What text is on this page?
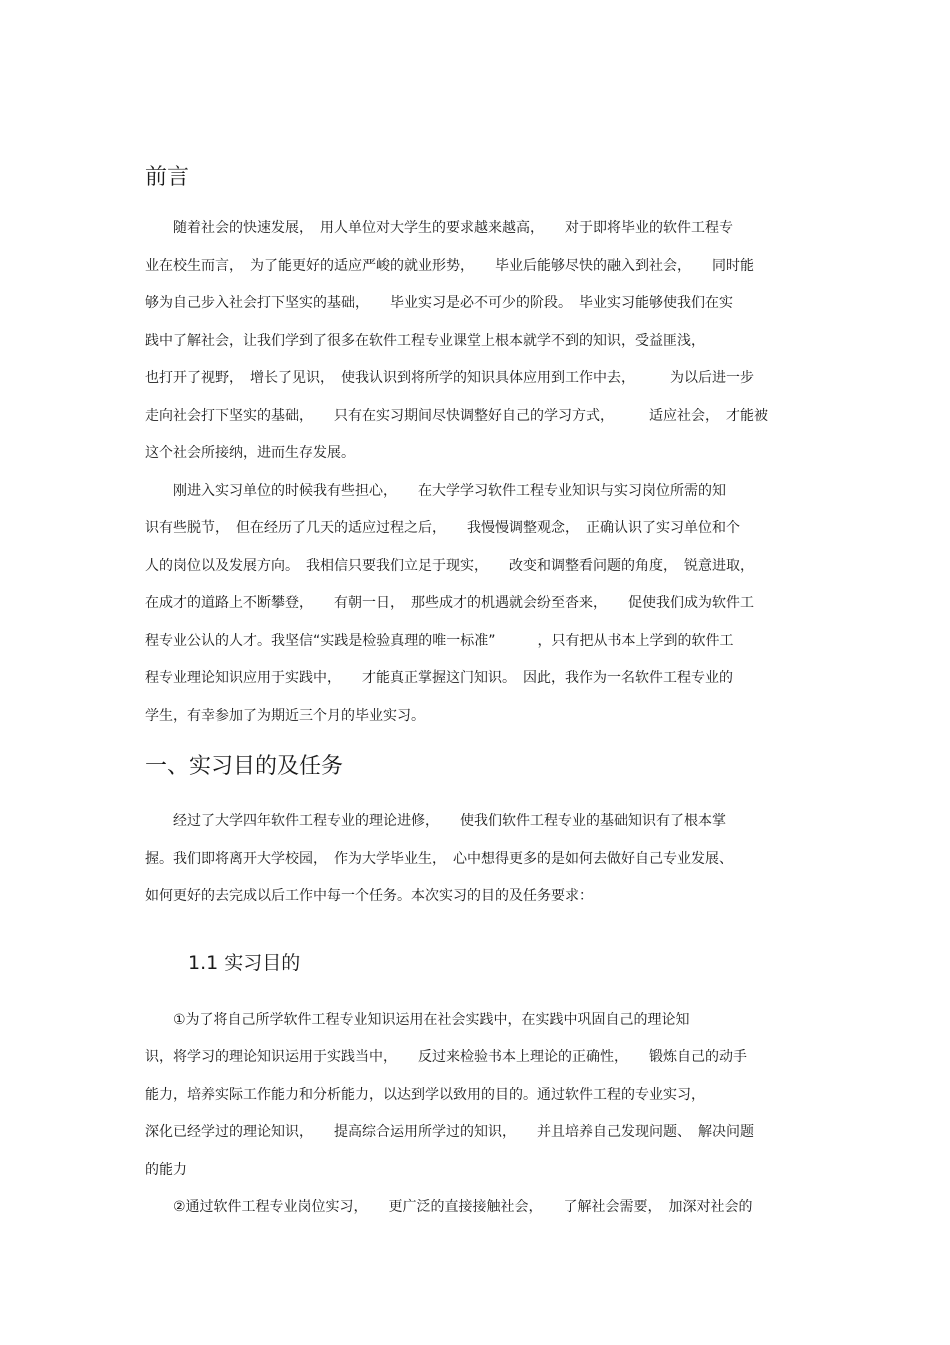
前言
　　随着社会的快速发展，　用人单位对大学生的要求越来越高，　　对于即将毕业的软件工程专
业在校生而言，　为了能更好的适应严峻的就业形势，　　毕业后能够尽快的融入到社会，　　同时能
够为自己步入社会打下坚实的基础，　　毕业实习是必不可少的阶段。　毕业实习能够使我们在实
践中了解社会，让我们学到了很多在软件工程专业课堂上根本就学不到的知识，受益匪浅，
也打开了视野，　增长了见识，　使我认识到将所学的知识具体应用到工作中去，　　　为以后进一步
走向社会打下坚实的基础，　　只有在实习期间尽快调整好自己的学习方式，　　　适应社会，　才能被
这个社会所接纳，进而生存发展。
　　刚进入实习单位的时候我有些担心，　　在大学学习软件工程专业知识与实习岗位所需的知
识有些脱节，　但在经历了几天的适应过程之后，　　我慢慢调整观念，　正确认识了实习单位和个
人的岗位以及发展方向。　我相信只要我们立足于现实，　　改变和调整看问题的角度，　锐意进取，
在成才的道路上不断攀登，　　有朝一日，　那些成才的机遇就会纷至沓来，　　促使我们成为软件工
程专业公认的人才。我坚信“实践是检验真理的唯一标准”　　　，只有把从书本上学到的软件工
程专业理论知识应用于实践中，　　才能真正掌握这门知识。　因此，我作为一名软件工程专业的
学生，有幸参加了为期近三个月的毕业实习。
一、实习目的及任务
　　经过了大学四年软件工程专业的理论进修，　　使我们软件工程专业的基础知识有了根本掌
握。我们即将离开大学校园，　作为大学毕业生，　心中想得更多的是如何去做好自己专业发展、
如何更好的去完成以后工作中每一个任务。本次实习的目的及任务要求：
1.1 实习目的
　　①为了将自己所学软件工程专业知识运用在社会实践中，在实践中巩固自己的理论知
识，将学习的理论知识运用于实践当中，　　反过来检验书本上理论的正确性，　　锻炼自己的动手
能力，培养实际工作能力和分析能力，以达到学以致用的目的。通过软件工程的专业实习，
深化已经学过的理论知识，　　提高综合运用所学过的知识，　　并且培养自己发现问题、　解决问题
的能力
　　②通过软件工程专业岗位实习，　　更广泛的直接接触社会，　　了解社会需要，　加深对社会的
